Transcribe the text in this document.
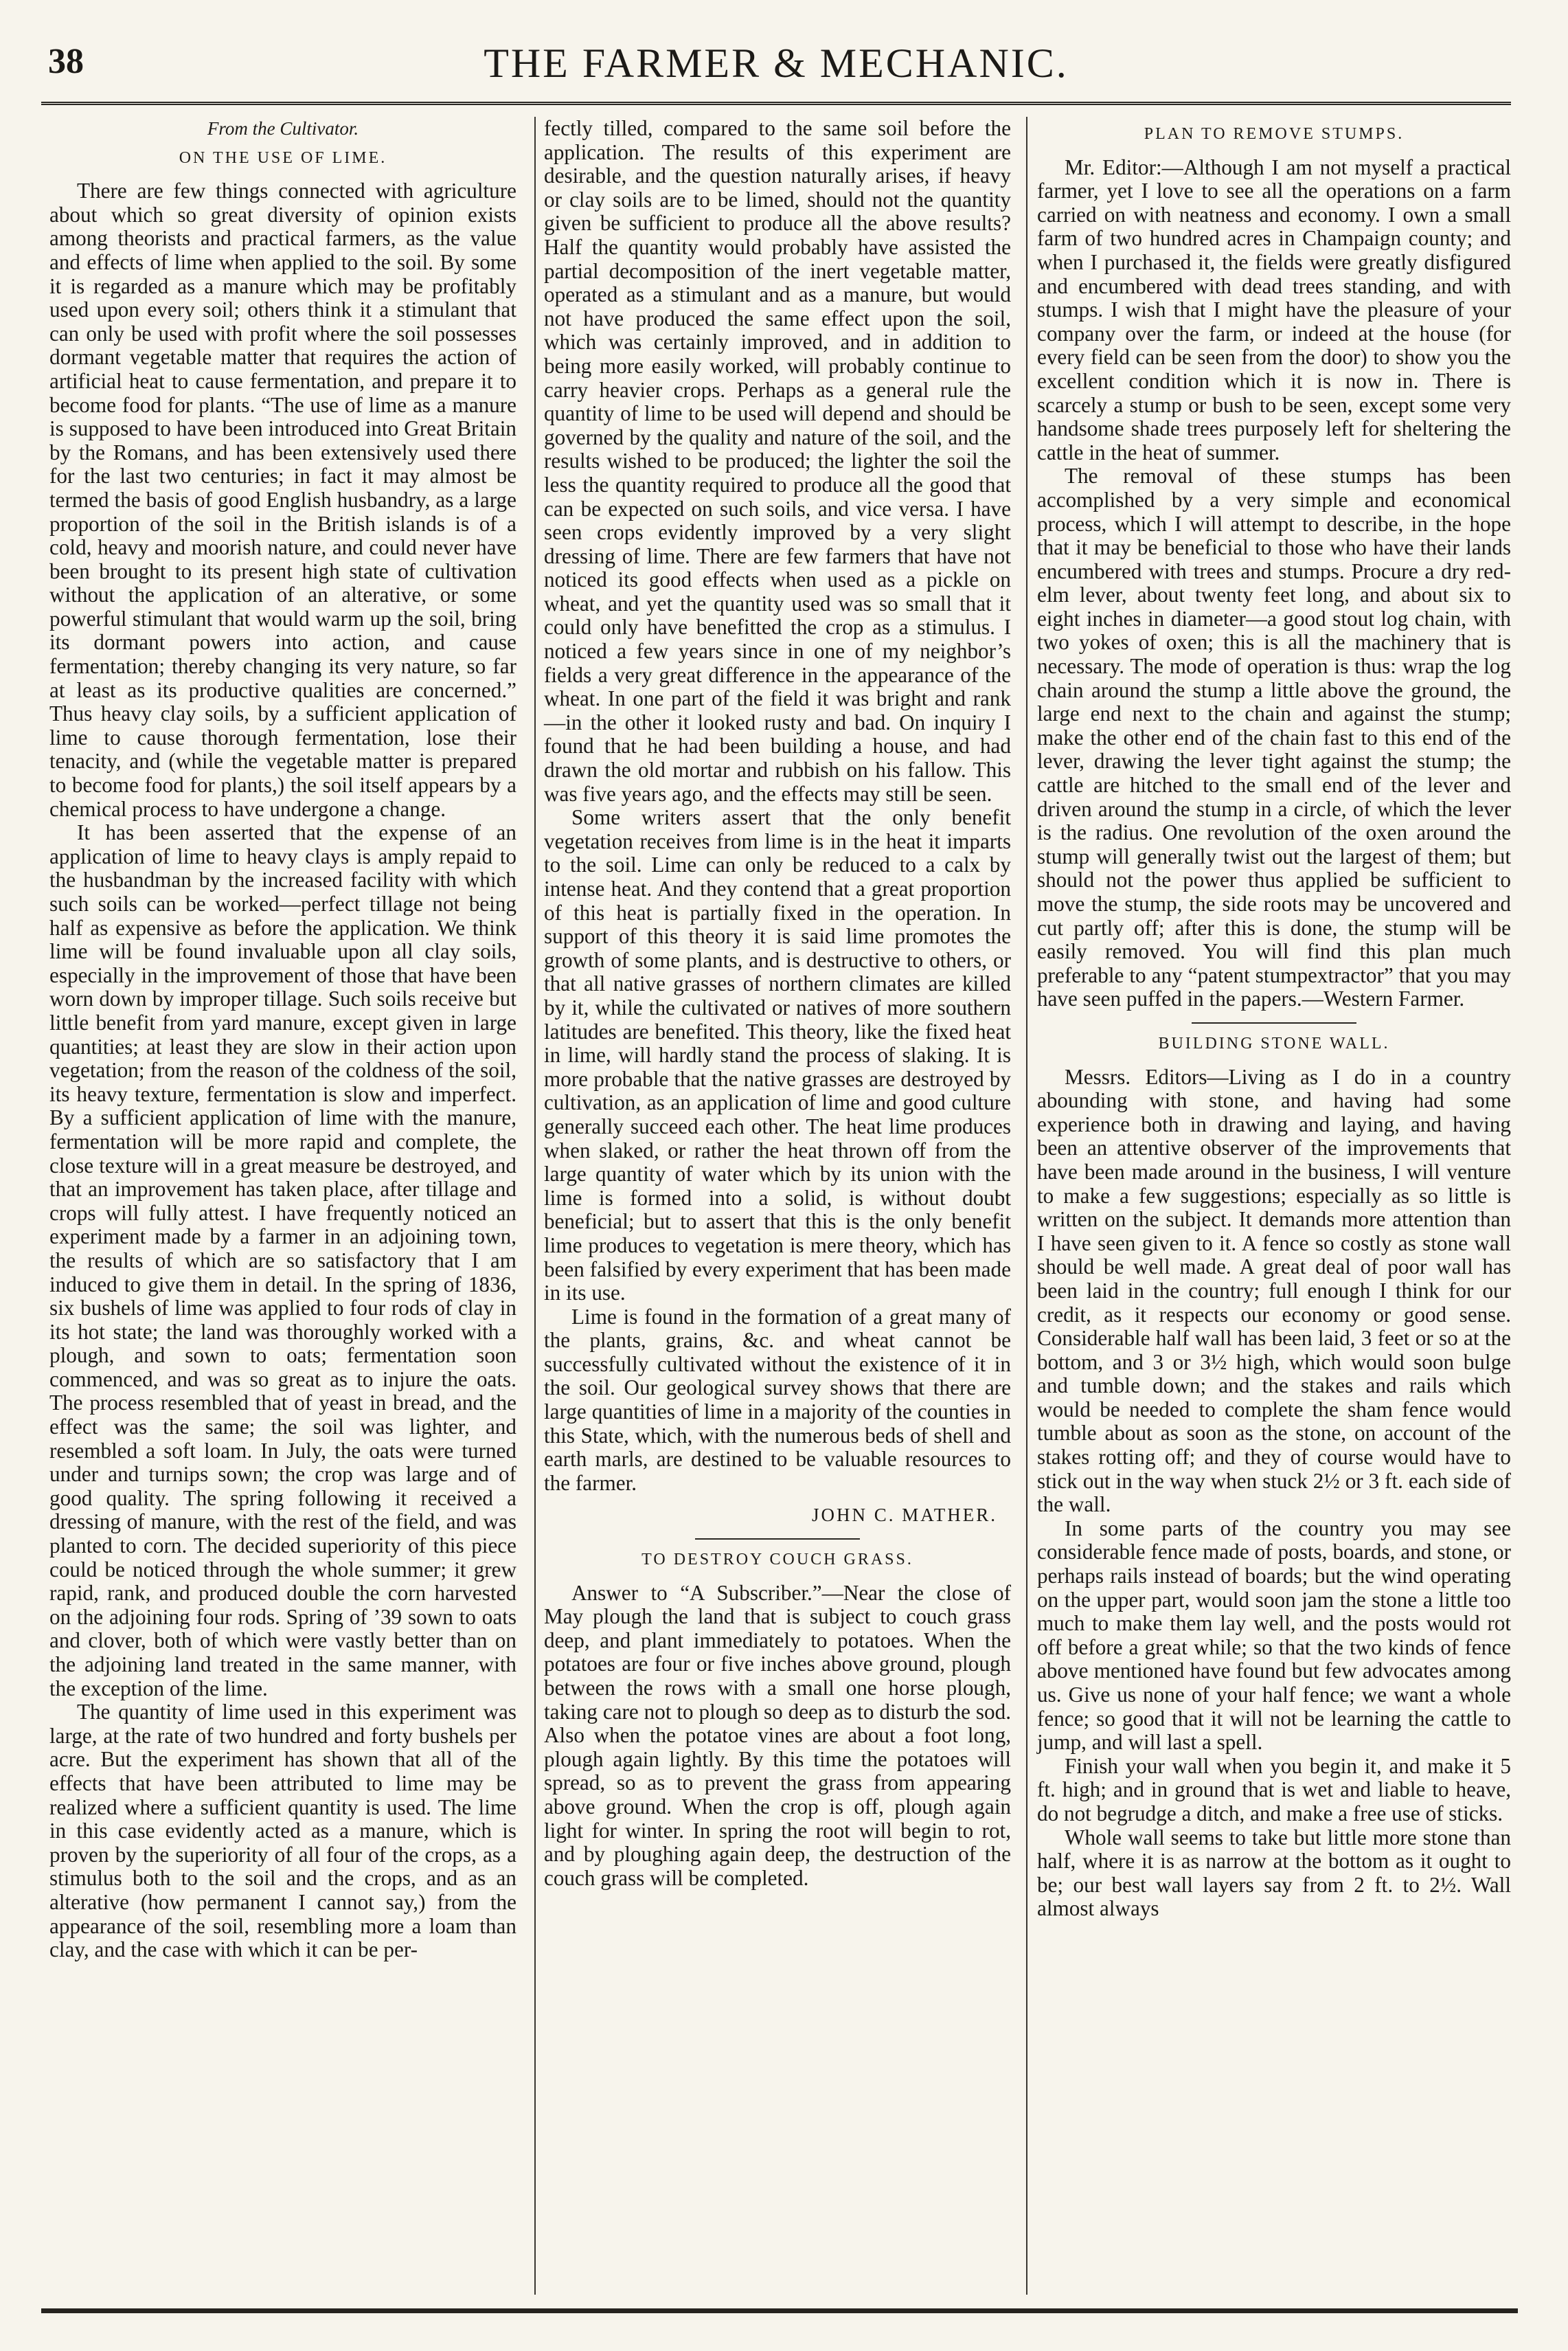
38	THE FARMER & MECHANIC.
From the Cultivator.
ON THE USE OF LIME.

There are few things connected with agriculture about which so great diversity of opinion exists among theorists and practical farmers, as the value and effects of lime when applied to the soil. By some it is regarded as a manure which may be profitably used upon every soil; others think it a stimulant that can only be used with profit where the soil possesses dormant vegetable matter that requires the action of artificial heat to cause fermentation, and prepare it to become food for plants. “The use of lime as a manure is supposed to have been introduced into Great Britain by the Romans, and has been extensively used there for the last two centuries; in fact it may almost be termed the basis of good English husbandry, as a large proportion of the soil in the British islands is of a cold, heavy and moorish nature, and could never have been brought to its present high state of cultivation without the application of an alterative, or some powerful stimulant that would warm up the soil, bring its dormant powers into action, and cause fermentation; thereby changing its very nature, so far at least as its productive qualities are concerned.” Thus heavy clay soils, by a sufficient application of lime to cause thorough fermentation, lose their tenacity, and (while the vegetable matter is prepared to become food for plants,) the soil itself appears by a chemical process to have undergone a change.

It has been asserted that the expense of an application of lime to heavy clays is amply repaid to the husbandman by the increased facility with which such soils can be worked—perfect tillage not being half as expensive as before the application. We think lime will be found invaluable upon all clay soils, especially in the improvement of those that have been worn down by improper tillage. Such soils receive but little benefit from yard manure, except given in large quantities; at least they are slow in their action upon vegetation; from the reason of the coldness of the soil, its heavy texture, fermentation is slow and imperfect. By a sufficient application of lime with the manure, fermentation will be more rapid and complete, the close texture will in a great measure be destroyed, and that an improvement has taken place, after tillage and crops will fully attest. I have frequently noticed an experiment made by a farmer in an adjoining town, the results of which are so satisfactory that I am induced to give them in detail. In the spring of 1836, six bushels of lime was applied to four rods of clay in its hot state; the land was thoroughly worked with a plough, and sown to oats; fermentation soon commenced, and was so great as to injure the oats. The process resembled that of yeast in bread, and the effect was the same; the soil was lighter, and resembled a soft loam. In July, the oats were turned under and turnips sown; the crop was large and of good quality. The spring following it received a dressing of manure, with the rest of the field, and was planted to corn. The decided superiority of this piece could be noticed through the whole summer; it grew rapid, rank, and produced double the corn harvested on the adjoining four rods. Spring of ’39 sown to oats and clover, both of which were vastly better than on the adjoining land treated in the same manner, with the exception of the lime.

The quantity of lime used in this experiment was large, at the rate of two hundred and forty bushels per acre. But the experiment has shown that all of the effects that have been attributed to lime may be realized where a sufficient quantity is used. The lime in this case evidently acted as a manure, which is proven by the superiority of all four of the crops, as a stimulus both to the soil and the crops, and as an alterative (how permanent I cannot say,) from the appearance of the soil, resembling more a loam than clay, and the case with which it can be per-

fectly tilled, compared to the same soil before the application. The results of this experiment are desirable, and the question naturally arises, if heavy or clay soils are to be limed, should not the quantity given be sufficient to produce all the above results? Half the quantity would probably have assisted the partial decomposition of the inert vegetable matter, operated as a stimulant and as a manure, but would not have produced the same effect upon the soil, which was certainly improved, and in addition to being more easily worked, will probably continue to carry heavier crops. Perhaps as a general rule the quantity of lime to be used will depend and should be governed by the quality and nature of the soil, and the results wished to be produced; the lighter the soil the less the quantity required to produce all the good that can be expected on such soils, and vice versa. I have seen crops evidently improved by a very slight dressing of lime. There are few farmers that have not noticed its good effects when used as a pickle on wheat, and yet the quantity used was so small that it could only have benefitted the crop as a stimulus. I noticed a few years since in one of my neighbor’s fields a very great difference in the appearance of the wheat. In one part of the field it was bright and rank—in the other it looked rusty and bad. On inquiry I found that he had been building a house, and had drawn the old mortar and rubbish on his fallow. This was five years ago, and the effects may still be seen.

Some writers assert that the only benefit vegetation receives from lime is in the heat it imparts to the soil. Lime can only be reduced to a calx by intense heat. And they contend that a great proportion of this heat is partially fixed in the operation. In support of this theory it is said lime promotes the growth of some plants, and is destructive to others, or that all native grasses of northern climates are killed by it, while the cultivated or natives of more southern latitudes are benefited. This theory, like the fixed heat in lime, will hardly stand the process of slaking. It is more probable that the native grasses are destroyed by cultivation, as an application of lime and good culture generally succeed each other. The heat lime produces when slaked, or rather the heat thrown off from the large quantity of water which by its union with the lime is formed into a solid, is without doubt beneficial; but to assert that this is the only benefit lime produces to vegetation is mere theory, which has been falsified by every experiment that has been made in its use.

Lime is found in the formation of a great many of the plants, grains, &c. and wheat cannot be successfully cultivated without the existence of it in the soil. Our geological survey shows that there are large quantities of lime in a majority of the counties in this State, which, with the numerous beds of shell and earth marls, are destined to be valuable resources to the farmer.

JOHN C. MATHER.
TO DESTROY COUCH GRASS.

Answer to “A Subscriber.”—Near the close of May plough the land that is subject to couch grass deep, and plant immediately to potatoes. When the potatoes are four or five inches above ground, plough between the rows with a small one horse plough, taking care not to plough so deep as to disturb the sod. Also when the potatoe vines are about a foot long, plough again lightly. By this time the potatoes will spread, so as to prevent the grass from appearing above ground. When the crop is off, plough again light for winter. In spring the root will begin to rot, and by ploughing again deep, the destruction of the couch grass will be completed.

PLAN TO REMOVE STUMPS.

Mr. Editor:—Although I am not myself a practical farmer, yet I love to see all the operations on a farm carried on with neatness and economy. I own a small farm of two hundred acres in Champaign county; and when I purchased it, the fields were greatly disfigured and encumbered with dead trees standing, and with stumps. I wish that I might have the pleasure of your company over the farm, or indeed at the house (for every field can be seen from the door) to show you the excellent condition which it is now in. There is scarcely a stump or bush to be seen, except some very handsome shade trees purposely left for sheltering the cattle in the heat of summer.

The removal of these stumps has been accomplished by a very simple and economical process, which I will attempt to describe, in the hope that it may be beneficial to those who have their lands encumbered with trees and stumps. Procure a dry red-elm lever, about twenty feet long, and about six to eight inches in diameter—a good stout log chain, with two yokes of oxen; this is all the machinery that is necessary. The mode of operation is thus: wrap the log chain around the stump a little above the ground, the large end next to the chain and against the stump; make the other end of the chain fast to this end of the lever, drawing the lever tight against the stump; the cattle are hitched to the small end of the lever and driven around the stump in a circle, of which the lever is the radius. One revolution of the oxen around the stump will generally twist out the largest of them; but should not the power thus applied be sufficient to move the stump, the side roots may be uncovered and cut partly off; after this is done, the stump will be easily removed. You will find this plan much preferable to any “patent stumpextractor” that you may have seen puffed in the papers.—Western Farmer.

BUILDING STONE WALL.

Messrs. Editors—Living as I do in a country abounding with stone, and having had some experience both in drawing and laying, and having been an attentive observer of the improvements that have been made around in the business, I will venture to make a few suggestions; especially as so little is written on the subject. It demands more attention than I have seen given to it. A fence so costly as stone wall should be well made. A great deal of poor wall has been laid in the country; full enough I think for our credit, as it respects our economy or good sense. Considerable half wall has been laid, 3 feet or so at the bottom, and 3 or 3½ high, which would soon bulge and tumble down; and the stakes and rails which would be needed to complete the sham fence would tumble about as soon as the stone, on account of the stakes rotting off; and they of course would have to stick out in the way when stuck 2½ or 3 ft. each side of the wall.

In some parts of the country you may see considerable fence made of posts, boards, and stone, or perhaps rails instead of boards; but the wind operating on the upper part, would soon jam the stone a little too much to make them lay well, and the posts would rot off before a great while; so that the two kinds of fence above mentioned have found but few advocates among us. Give us none of your half fence; we want a whole fence; so good that it will not be learning the cattle to jump, and will last a spell.

Finish your wall when you begin it, and make it 5 ft. high; and in ground that is wet and liable to heave, do not begrudge a ditch, and make a free use of sticks.

Whole wall seems to take but little more stone than half, where it is as narrow at the bottom as it ought to be; our best wall layers say from 2 ft. to 2½. Wall almost always
